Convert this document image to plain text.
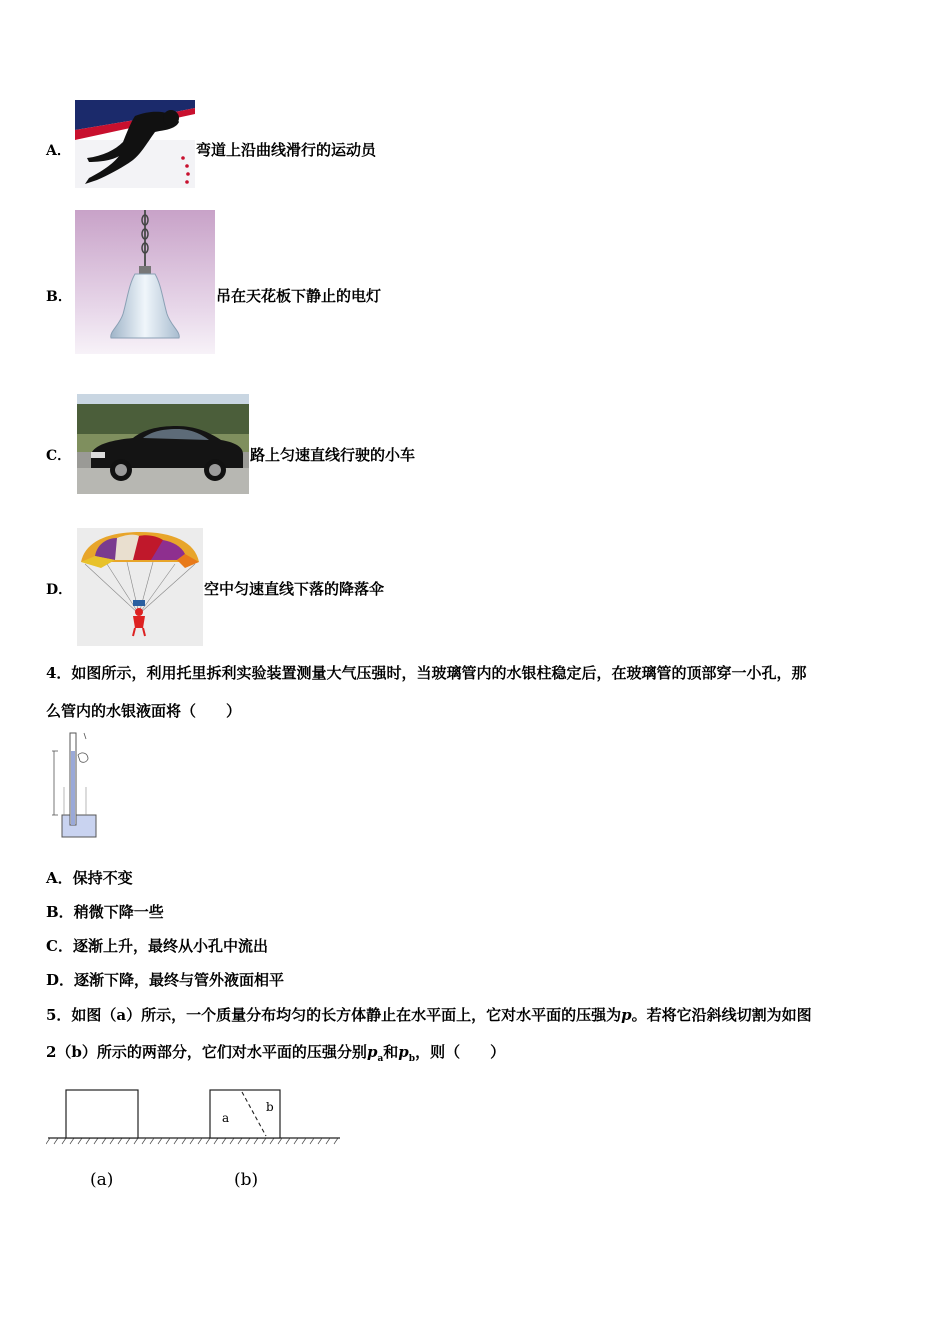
A．	弯道上沿曲线滑行的运动员
B．	吊在天花板下静止的电灯
C．	路上匀速直线行驶的小车
D．	空中匀速直线下落的降落伞
4．如图所示，利用托里拆利实验装置测量大气压强时，当玻璃管内的水银柱稳定后，在玻璃管的顶部穿一小孔，那
么管内的水银液面将（　　）
A．保持不变
B．稍微下降一些
C．逐渐上升，最终从小孔中流出
D．逐渐下降，最终与管外液面相平
5．如图（a）所示，一个质量分布均匀的长方体静止在水平面上，它对水平面的压强为p。若将它沿斜线切割为如图
2（b）所示的两部分，它们对水平面的压强分别$p_a$和$p_b$，则（　　）
a
b
(a)	(b)
